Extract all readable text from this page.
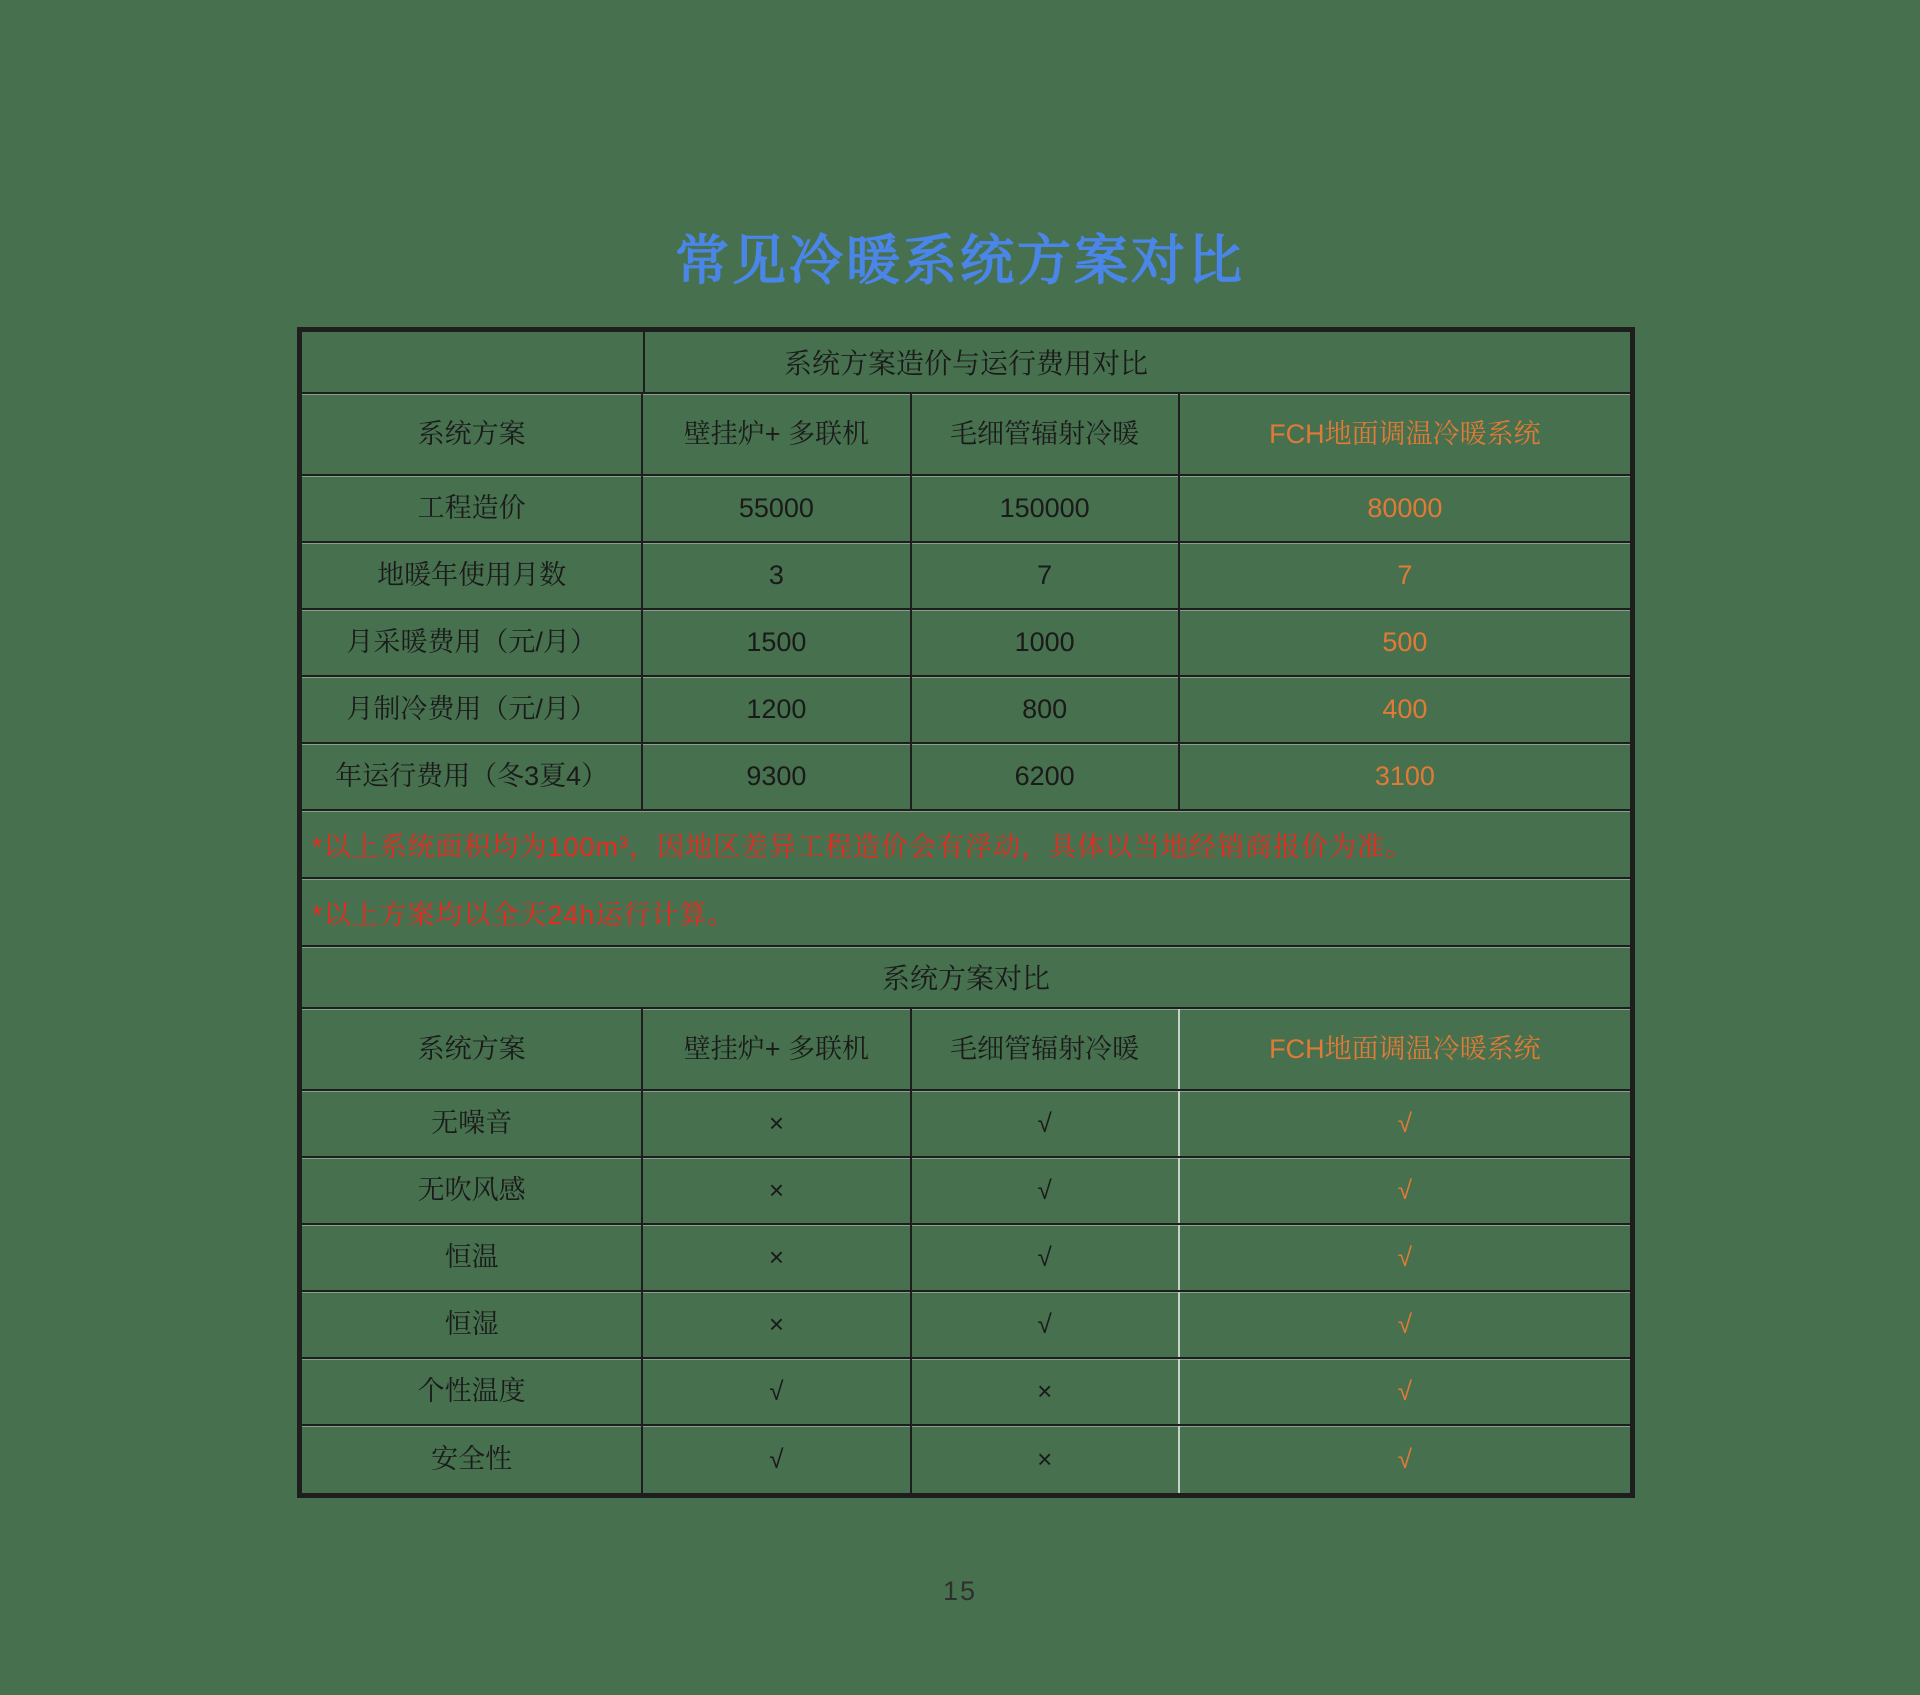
常见冷暖系统方案对比
系统方案造价与运行费用对比
系统方案	壁挂炉+ 多联机	毛细管辐射冷暖	FCH地面调温冷暖系统
工程造价	55000	150000	80000
地暖年使用月数	3	7	7
月采暖费用（元/月）	1500	1000	500
月制冷费用（元/月）	1200	800	400
年运行费用（冬3夏4）	9300	6200	3100
*以上系统面积均为100m³，因地区差异工程造价会有浮动，具体以当地经销商报价为准。
*以上方案均以全天24h运行计算。
系统方案对比
系统方案	壁挂炉+ 多联机	毛细管辐射冷暖	FCH地面调温冷暖系统
无噪音	×	√	√
无吹风感	×	√	√
恒温	×	√	√
恒湿	×	√	√
个性温度	√	×	√
安全性	√	×	√
15
